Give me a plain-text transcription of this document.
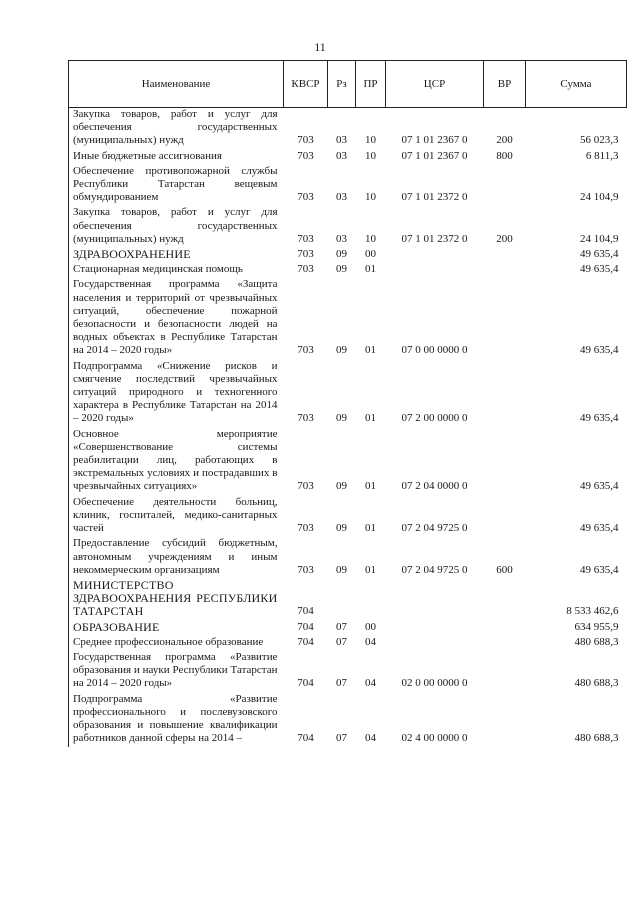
11
Наименование	КВСР	Рз	ПР	ЦСР	ВР	Сумма
Закупка товаров, работ и услуг для обеспечения государственных (муниципальных) нужд	703	03	10	07 1 01 2367 0	200	56 023,3
Иные бюджетные ассигнования	703	03	10	07 1 01 2367 0	800	6 811,3
Обеспечение противопожарной службы Республики Татарстан вещевым обмундированием	703	03	10	07 1 01 2372 0		24 104,9
Закупка товаров, работ и услуг для обеспечения государственных (муниципальных) нужд	703	03	10	07 1 01 2372 0	200	24 104,9
ЗДРАВООХРАНЕНИЕ	703	09	00			49 635,4
Стационарная медицинская помощь	703	09	01			49 635,4
Государственная программа «Защита населения и территорий от чрезвычайных ситуаций, обеспечение пожарной безопасности и безопасности людей на водных объектах в Республике Татарстан на 2014 – 2020 годы»	703	09	01	07 0 00 0000 0		49 635,4
Подпрограмма «Снижение рисков и смягчение последствий чрезвычайных ситуаций природного и техногенного характера в Республике Татарстан на 2014 – 2020 годы»	703	09	01	07 2 00 0000 0		49 635,4
Основное мероприятие «Совершенствование системы реабилитации лиц, работающих в экстремальных условиях и пострадавших в чрезвычайных ситуациях»	703	09	01	07 2 04 0000 0		49 635,4
Обеспечение деятельности больниц, клиник, госпиталей, медико-санитарных частей	703	09	01	07 2 04 9725 0		49 635,4
Предоставление субсидий бюджетным, автономным учреждениям и иным некоммерческим организациям	703	09	01	07 2 04 9725 0	600	49 635,4
МИНИСТЕРСТВО ЗДРАВООХРАНЕНИЯ РЕСПУБЛИКИ ТАТАРСТАН	704					8 533 462,6
ОБРАЗОВАНИЕ	704	07	00			634 955,9
Среднее профессиональное образование	704	07	04			480 688,3
Государственная программа «Развитие образования и науки Республики Татарстан на 2014 – 2020 годы»	704	07	04	02 0 00 0000 0		480 688,3
Подпрограмма «Развитие профессионального и послевузовского образования и повышение квалификации работников данной сферы на 2014 –	704	07	04	02 4 00 0000 0		480 688,3
